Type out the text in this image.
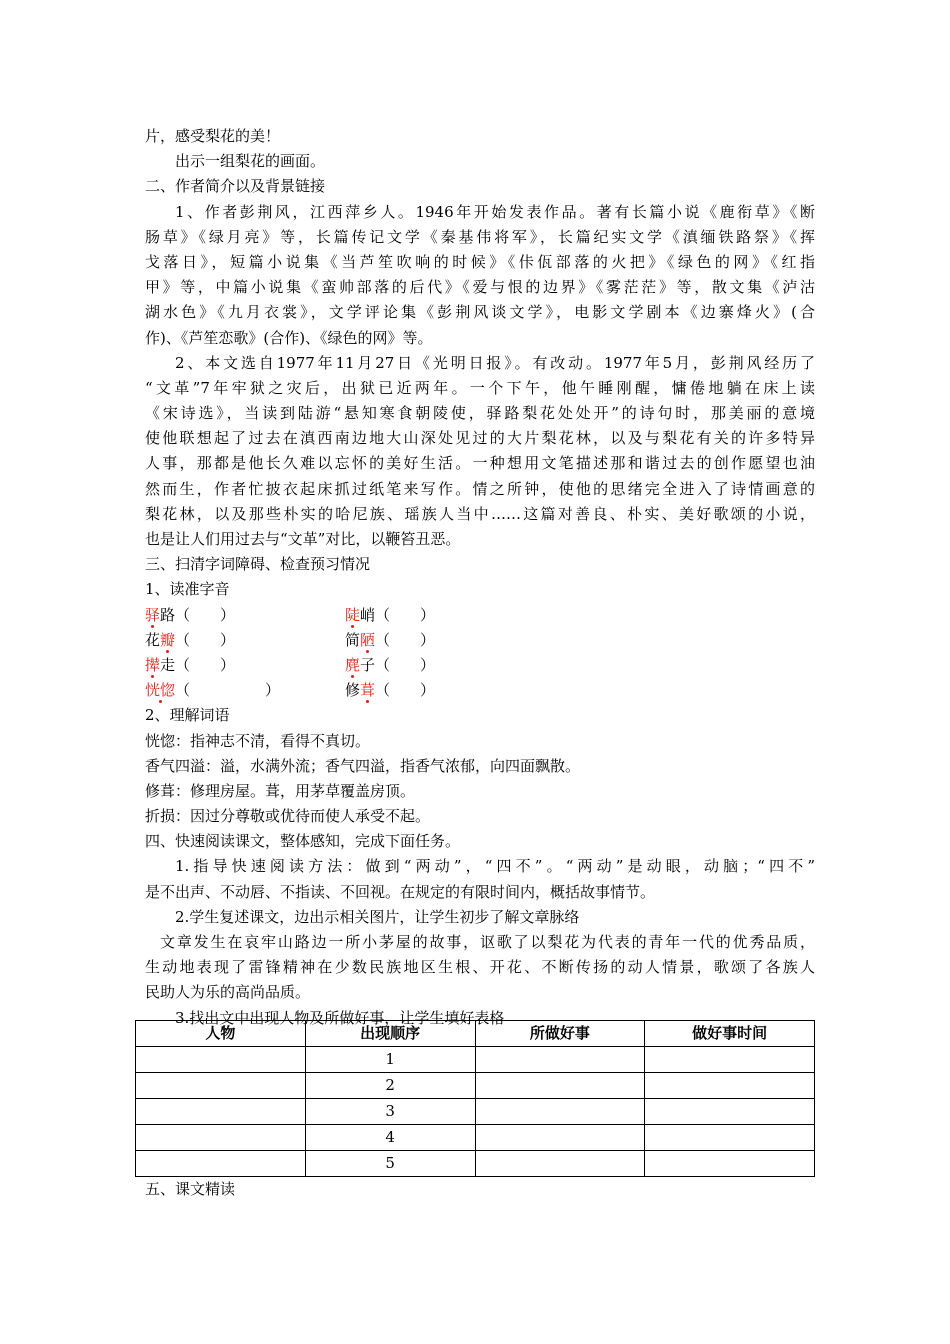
片，感受梨花的美！
出示一组梨花的画面。
二、作者简介以及背景链接
1、作者彭荆风，江西萍乡人。1946年开始发表作品。著有长篇小说《鹿衔草》《断
肠草》《绿月亮》等，长篇传记文学《秦基伟将军》，长篇纪实文学《滇缅铁路祭》《挥
戈落日》，短篇小说集《当芦笙吹响的时候》《佧佤部落的火把》《绿色的网》《红指
甲》等，中篇小说集《蛮帅部落的后代》《爱与恨的边界》《雾茫茫》等，散文集《泸沽
湖水色》《九月衣裳》，文学评论集《彭荆风谈文学》，电影文学剧本《边寨烽火》(合
作)、《芦笙恋歌》(合作)、《绿色的网》等。
2、本文选自1977年11月27日《光明日报》。有改动。1977年5月，彭荆风经历了
“文革”7年牢狱之灾后，出狱已近两年。一个下午，他午睡刚醒，慵倦地躺在床上读
《宋诗选》，当读到陆游“悬知寒食朝陵使，驿路梨花处处开”的诗句时，那美丽的意境
使他联想起了过去在滇西南边地大山深处见过的大片梨花林，以及与梨花有关的许多特异
人事，那都是他长久难以忘怀的美好生活。一种想用文笔描述那和谐过去的创作愿望也油
然而生，作者忙披衣起床抓过纸笔来写作。情之所钟，使他的思绪完全进入了诗情画意的
梨花林，以及那些朴实的哈尼族、瑶族人当中……这篇对善良、朴实、美好歌颂的小说，
也是让人们用过去与“文革”对比，以鞭笞丑恶。
三、扫清字词障碍、检查预习情况
1、读准字音
驿路（　　）	陡峭（　　）
花瓣（　　）	简陋（　　）
撵走（　　）	麂子（　　）
恍惚（　　　　　）	修葺（　　）
2、理解词语
恍惚：指神志不清，看得不真切。
香气四溢：溢，水满外流；香气四溢，指香气浓郁，向四面飘散。
修葺：修理房屋。葺，用茅草覆盖房顶。
折损：因过分尊敬或优待而使人承受不起。
四、快速阅读课文，整体感知，完成下面任务。
1.指导快速阅读方法：做到“两动”，“四不”。“两动”是动眼，动脑；“四不”
是不出声、不动唇、不指读、不回视。在规定的有限时间内，概括故事情节。
2.学生复述课文，边出示相关图片，让学生初步了解文章脉络
文章发生在哀牢山路边一所小茅屋的故事，讴歌了以梨花为代表的青年一代的优秀品质，
生动地表现了雷锋精神在少数民族地区生根、开花、不断传扬的动人情景，歌颂了各族人
民助人为乐的高尚品质。
3.找出文中出现人物及所做好事，让学生填好表格
人物	出现顺序	所做好事	做好事时间
	1		
	2		
	3		
	4		
	5		
五、课文精读
